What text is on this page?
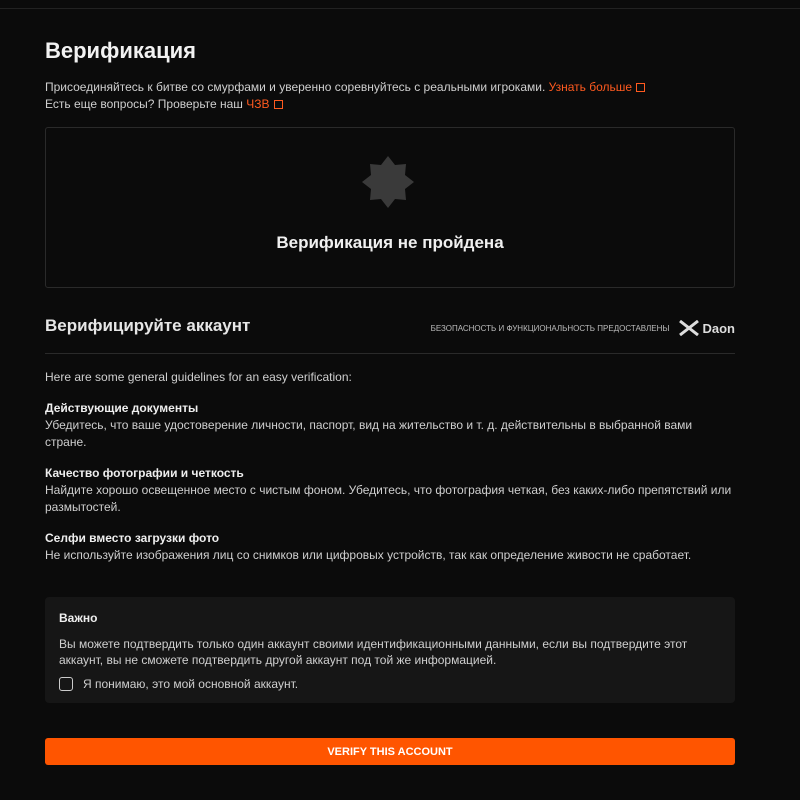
Верификация
Присоединяйтесь к битве со смурфами и уверенно соревнуйтесь с реальными игроками. Узнать больше
Есть еще вопросы? Проверьте наш ЧЗВ
Верификация не пройдена
Верифицируйте аккаунт	БЕЗОПАСНОСТЬ И ФУНКЦИОНАЛЬНОСТЬ ПРЕДОСТАВЛЕНЫ	Daon
Here are some general guidelines for an easy verification:
Действующие документы
Убедитесь, что ваше удостоверение личности, паспорт, вид на жительство и т. д. действительны в выбранной вами стране.
Качество фотографии и четкость
Найдите хорошо освещенное место с чистым фоном. Убедитесь, что фотография четкая, без каких-либо препятствий или размытостей.
Селфи вместо загрузки фото
Не используйте изображения лиц со снимков или цифровых устройств, так как определение живости не сработает.
Важно
Вы можете подтвердить только один аккаунт своими идентификационными данными, если вы подтвердите этот аккаунт, вы не сможете подтвердить другой аккаунт под той же информацией.
Я понимаю, это мой основной аккаунт.
VERIFY THIS ACCOUNT
